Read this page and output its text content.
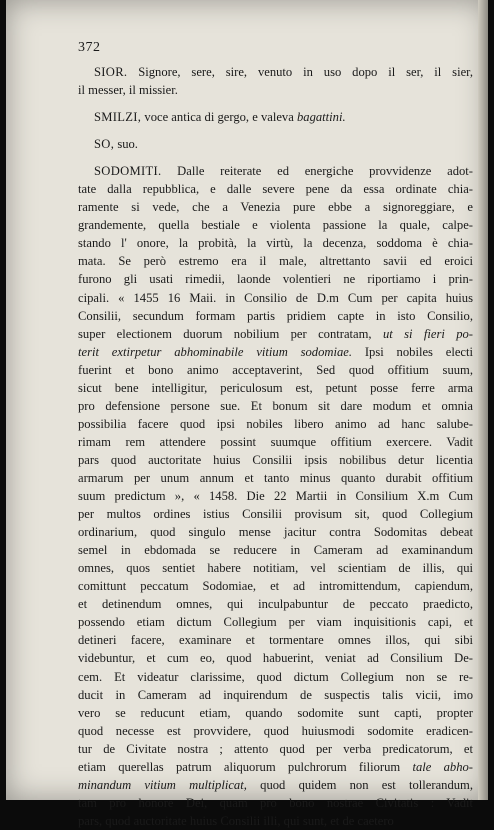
372

SIOR. Signore, sere, sire, venuto in uso dopo il ser, il sier,
il messer, il missier.

SMILZI, voce antica di gergo, e valeva bagattini.

SO, suo.

SODOMITI. Dalle reiterate ed energiche provvidenze adot-
tate dalla repubblica, e dalle severe pene da essa ordinate chia-
ramente si vede, che a Venezia pure ebbe a signoreggiare, e
grandemente, quella bestiale e violenta passione la quale, calpe-
stando l' onore, la probità, la virtù, la decenza, soddoma è chia-
mata. Se però estremo era il male, altrettanto savii ed eroici
furono gli usati rimedii, laonde volentieri ne riportiamo i prin-
cipali. « 1455 16 Maii. in Consilio de D.m Cum per capita huius
Consilii, secundum formam partis pridiem capte in isto Consilio,
super electionem duorum nobilium per contratam, ut si fieri po-
terit extirpetur abhominabile vitium sodomiae. Ipsi nobiles electi
fuerint et bono animo acceptaverint, Sed quod offitium suum,
sicut bene intelligitur, periculosum est, petunt posse ferre arma
pro defensione persone sue. Et bonum sit dare modum et omnia
possibilia facere quod ipsi nobiles libero animo ad hanc salube-
rimam rem attendere possint suumque offitium exercere. Vadit
pars quod auctoritate huius Consilii ipsis nobilibus detur licentia
armarum per unum annum et tanto minus quanto durabit offitium
suum predictum », « 1458. Die 22 Martii in Consilium X.m Cum
per multos ordines istius Consilii provisum sit, quod Collegium
ordinarium, quod singulo mense jacitur contra Sodomitas debeat
semel in ebdomada se reducere in Cameram ad examinandum
omnes, quos sentiet habere notitiam, vel scientiam de illis, qui
comittunt peccatum Sodomiae, et ad intromittendum, capiendum,
et detinendum omnes, qui inculpabuntur de peccato praedicto,
possendo etiam dictum Collegium per viam inquisitionis capi, et
detineri facere, examinare et tormentare omnes illos, qui sibi
videbuntur, et cum eo, quod habuerint, veniat ad Consilium De-
cem. Et videatur clarissime, quod dictum Collegium non se re-
ducit in Cameram ad inquirendum de suspectis talis vicii, imo
vero se reducunt etiam, quando sodomite sunt capti, propter
quod necesse est provvidere, quod huiusmodi sodomite eradicen-
tur de Civitate nostra ; attento quod per verba predicatorum, et
etiam querellas patrum aliquorum pulchrorum filiorum tale abho-
minandum vitium multiplicat, quod quidem non est tollerandum,
tam pro honore Dei, quam pro bono nostrae Civitatis : Vadit
pars, quod auctoritate huius Consilii illi, qui sunt, et de caetero
